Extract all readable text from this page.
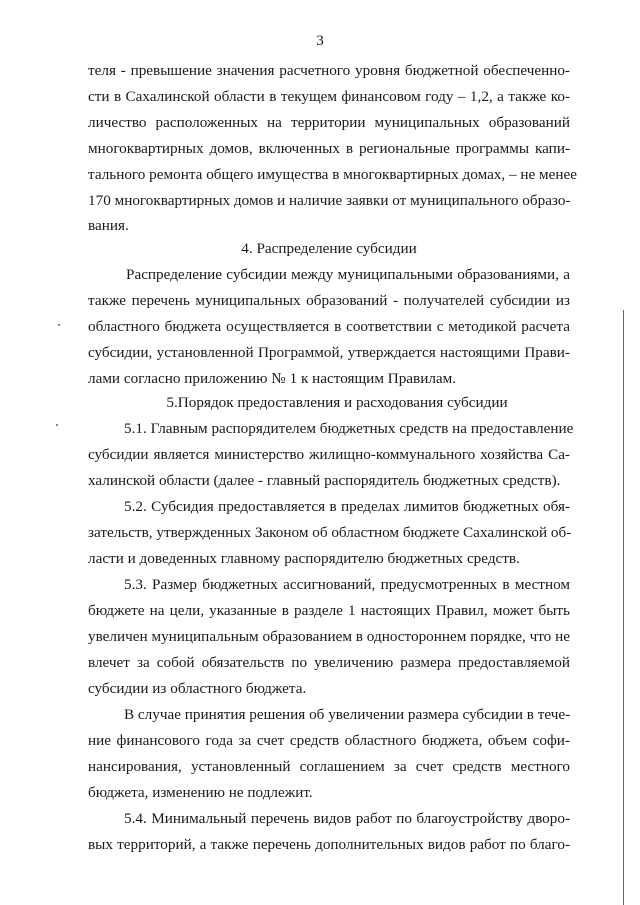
3
теля - превышение значения расчетного уровня бюджетной обеспеченно-
сти в Сахалинской области в текущем финансовом году – 1,2, а также ко-
личество расположенных на территории муниципальных образований
многоквартирных домов, включенных в региональные программы капи-
тального ремонта общего имущества в многоквартирных домах, – не менее
170 многоквартирных домов и наличие заявки от муниципального образо-
вания.
4. Распределение субсидии
Распределение субсидии между муниципальными образованиями, а
также перечень муниципальных образований - получателей субсидии из
областного бюджета осуществляется в соответствии с методикой расчета
субсидии, установленной Программой, утверждается настоящими Прави-
лами согласно приложению № 1 к настоящим Правилам.
5.Порядок предоставления и расходования субсидии
5.1. Главным распорядителем бюджетных средств на предоставление
субсидии является министерство жилищно-коммунального хозяйства Са-
халинской области (далее - главный распорядитель бюджетных средств).
5.2. Субсидия предоставляется в пределах лимитов бюджетных обя-
зательств, утвержденных Законом об областном бюджете Сахалинской об-
ласти и доведенных главному распорядителю бюджетных средств.
5.3. Размер бюджетных ассигнований, предусмотренных в местном
бюджете на цели, указанные в разделе 1 настоящих Правил, может быть
увеличен муниципальным образованием в одностороннем порядке, что не
влечет за собой обязательств по увеличению размера предоставляемой
субсидии из областного бюджета.
В случае принятия решения об увеличении размера субсидии в тече-
ние финансового года за счет средств областного бюджета, объем софи-
нансирования, установленный соглашением за счет средств местного
бюджета, изменению не подлежит.
5.4. Минимальный перечень видов работ по благоустройству дворо-
вых территорий, а также перечень дополнительных видов работ по благо-
